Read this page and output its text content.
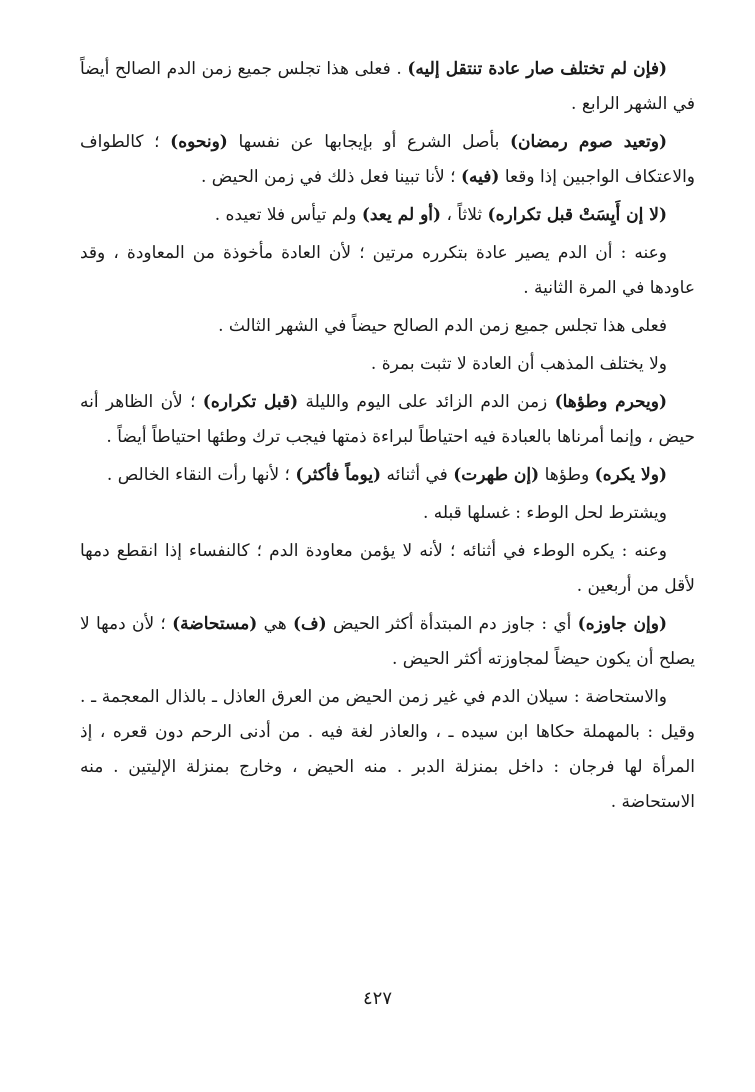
(فإن لم تختلف صار عادة تنتقل إليه) . فعلى هذا تجلس جميع زمن الدم الصالح أيضاً في الشهر الرابع .

(وتعيد صوم رمضان) بأصل الشرع أو بإيجابها عن نفسها (ونحوه) ؛ كالطواف والاعتكاف الواجبين إذا وقعا (فيه) ؛ لأنا تبينا فعل ذلك في زمن الحيض .

(لا إن أَيِسَتْ قبل تكراره) ثلاثاً ، (أو لم يعد) ولم تيأس فلا تعيده .

وعنه : أن الدم يصير عادة بتكرره مرتين ؛ لأن العادة مأخوذة من المعاودة ، وقد عاودها في المرة الثانية .

فعلى هذا تجلس جميع زمن الدم الصالح حيضاً في الشهر الثالث .

ولا يختلف المذهب أن العادة لا تثبت بمرة .

(ويحرم وطؤها) زمن الدم الزائد على اليوم والليلة (قبل تكراره) ؛ لأن الظاهر أنه حيض ، وإنما أمرناها بالعبادة فيه احتياطاً لبراءة ذمتها فيجب ترك وطئها احتياطاً أيضاً .

(ولا يكره) وطؤها (إن طهرت) في أثنائه (يوماً فأكثر) ؛ لأنها رأت النقاء الخالص .

ويشترط لحل الوطء : غسلها قبله .

وعنه : يكره الوطء في أثنائه ؛ لأنه لا يؤمن معاودة الدم ؛ كالنفساء إذا انقطع دمها لأقل من أربعين .

(وإن جاوزه) أي : جاوز دم المبتدأة أكثر الحيض (ف) هي (مستحاضة) ؛ لأن دمها لا يصلح أن يكون حيضاً لمجاوزته أكثر الحيض .

والاستحاضة : سيلان الدم في غير زمن الحيض من العرق العاذل ـ بالذال المعجمة ـ . وقيل : بالمهملة حكاها ابن سيده ـ ، والعاذر لغة فيه . من أدنى الرحم دون قعره ، إذ المرأة لها فرجان : داخل بمنزلة الدبر . منه الحيض ، وخارج بمنزلة الإليتين . منه الاستحاضة .

٤٢٧
